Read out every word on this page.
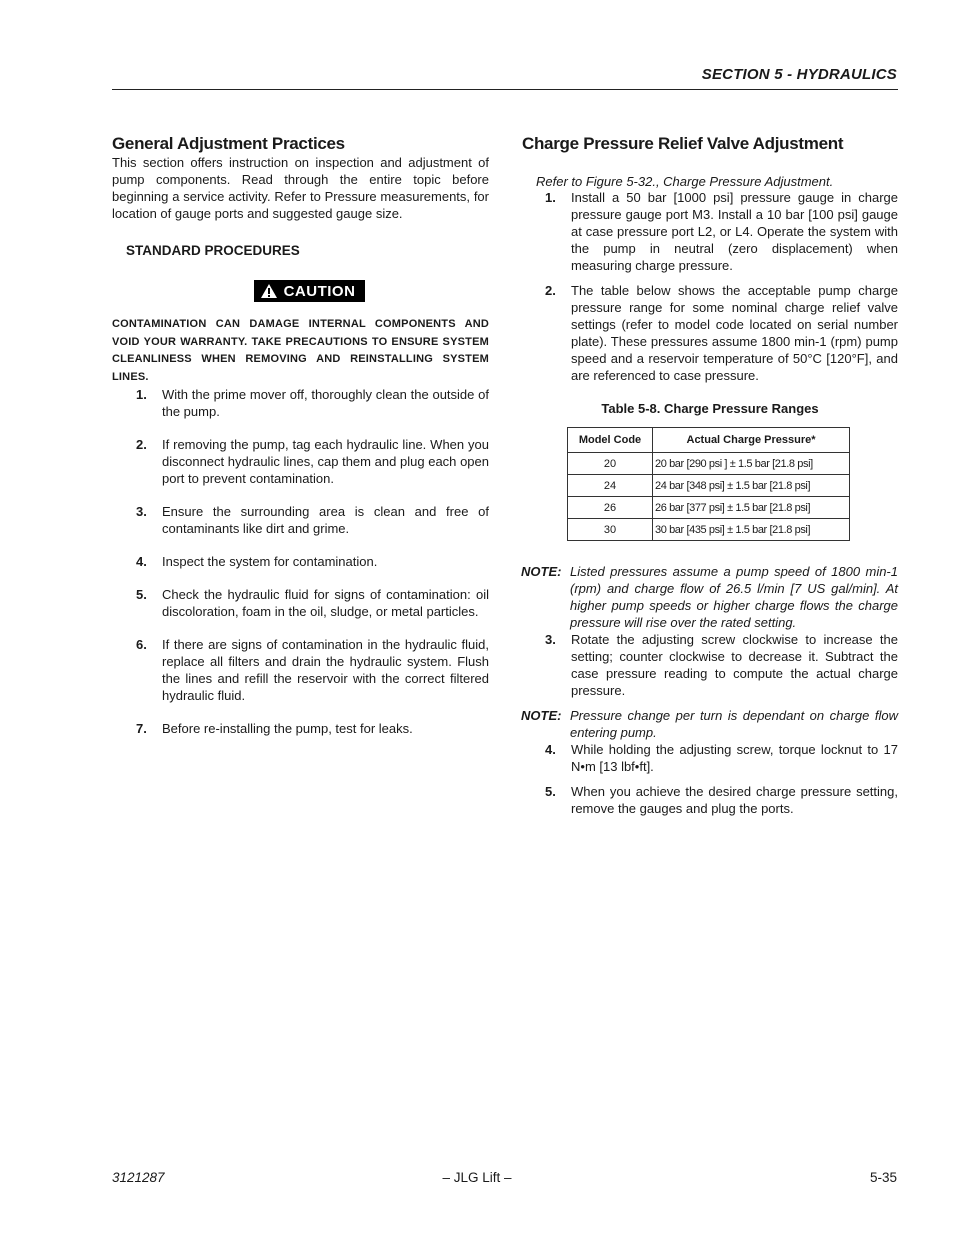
SECTION 5 - HYDRAULICS
General Adjustment Practices

This section offers instruction on inspection and adjustment of pump components. Read through the entire topic before beginning a service activity. Refer to Pressure measurements, for location of gauge ports and suggested gauge size.

STANDARD PROCEDURES
CAUTION
CONTAMINATION CAN DAMAGE INTERNAL COMPONENTS AND VOID YOUR WARRANTY. TAKE PRECAUTIONS TO ENSURE SYSTEM CLEANLINESS WHEN REMOVING AND REINSTALLING SYSTEM LINES.
1. With the prime mover off, thoroughly clean the outside of the pump.
2. If removing the pump, tag each hydraulic line. When you disconnect hydraulic lines, cap them and plug each open port to prevent contamination.
3. Ensure the surrounding area is clean and free of contaminants like dirt and grime.
4. Inspect the system for contamination.
5. Check the hydraulic fluid for signs of contamination: oil discoloration, foam in the oil, sludge, or metal particles.
6. If there are signs of contamination in the hydraulic fluid, replace all filters and drain the hydraulic system. Flush the lines and refill the reservoir with the correct filtered hydraulic fluid.
7. Before re-installing the pump, test for leaks.
Charge Pressure Relief Valve Adjustment
Refer to Figure 5-32., Charge Pressure Adjustment.
1. Install a 50 bar [1000 psi] pressure gauge in charge pressure gauge port M3. Install a 10 bar [100 psi] gauge at case pressure port L2, or L4. Operate the system with the pump in neutral (zero displacement) when measuring charge pressure.
2. The table below shows the acceptable pump charge pressure range for some nominal charge relief valve settings (refer to model code located on serial number plate). These pressures assume 1800 min-1 (rpm) pump speed and a reservoir temperature of 50°C [120°F], and are referenced to case pressure.
Table 5-8. Charge Pressure Ranges
Model Code	Actual Charge Pressure*
20	20 bar [290 psi ] ± 1.5 bar [21.8 psi]
24	24 bar [348 psi] ± 1.5 bar [21.8 psi]
26	26 bar [377 psi] ± 1.5 bar [21.8 psi]
30	30 bar [435 psi] ± 1.5 bar [21.8 psi]
NOTE: Listed pressures assume a pump speed of 1800 min-1 (rpm) and charge flow of 26.5 l/min [7 US gal/min]. At higher pump speeds or higher charge flows the charge pressure will rise over the rated setting.
3. Rotate the adjusting screw clockwise to increase the setting; counter clockwise to decrease it. Subtract the case pressure reading to compute the actual charge pressure.
NOTE: Pressure change per turn is dependant on charge flow entering pump.
4. While holding the adjusting screw, torque locknut to 17 N•m [13 lbf•ft].
5. When you achieve the desired charge pressure setting, remove the gauges and plug the ports.
3121287	– JLG Lift –	5-35
